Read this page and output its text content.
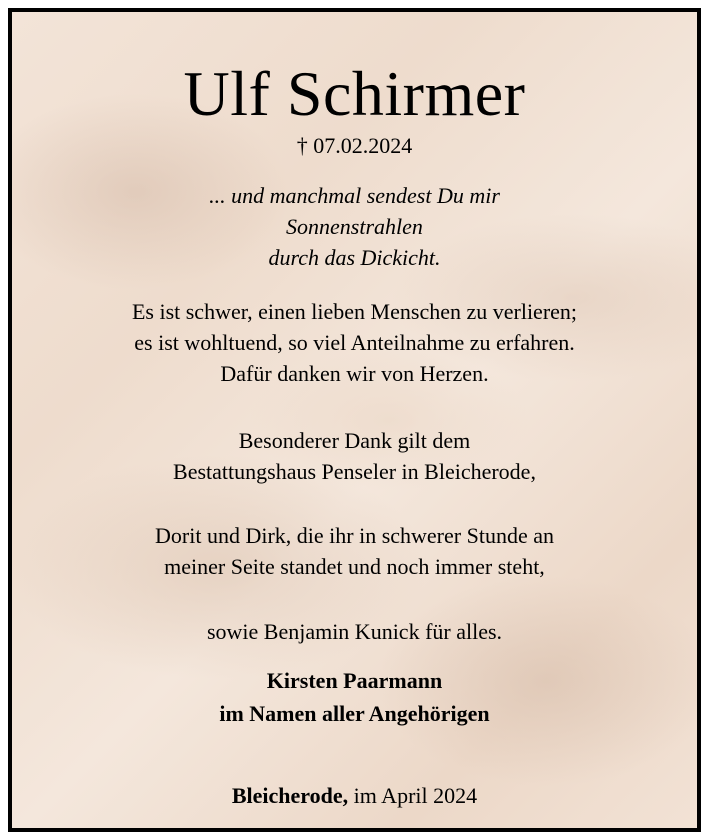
Ulf Schirmer
† 07.02.2024
... und manchmal sendest Du mir
Sonnenstrahlen
durch das Dickicht.
Es ist schwer, einen lieben Menschen zu verlieren;
es ist wohltuend, so viel Anteilnahme zu erfahren.
Dafür danken wir von Herzen.
Besonderer Dank gilt dem
Bestattungshaus Penseler in Bleicherode,
Dorit und Dirk, die ihr in schwerer Stunde an
meiner Seite standet und noch immer steht,
sowie Benjamin Kunick für alles.
Kirsten Paarmann
im Namen aller Angehörigen
Bleicherode, im April 2024
